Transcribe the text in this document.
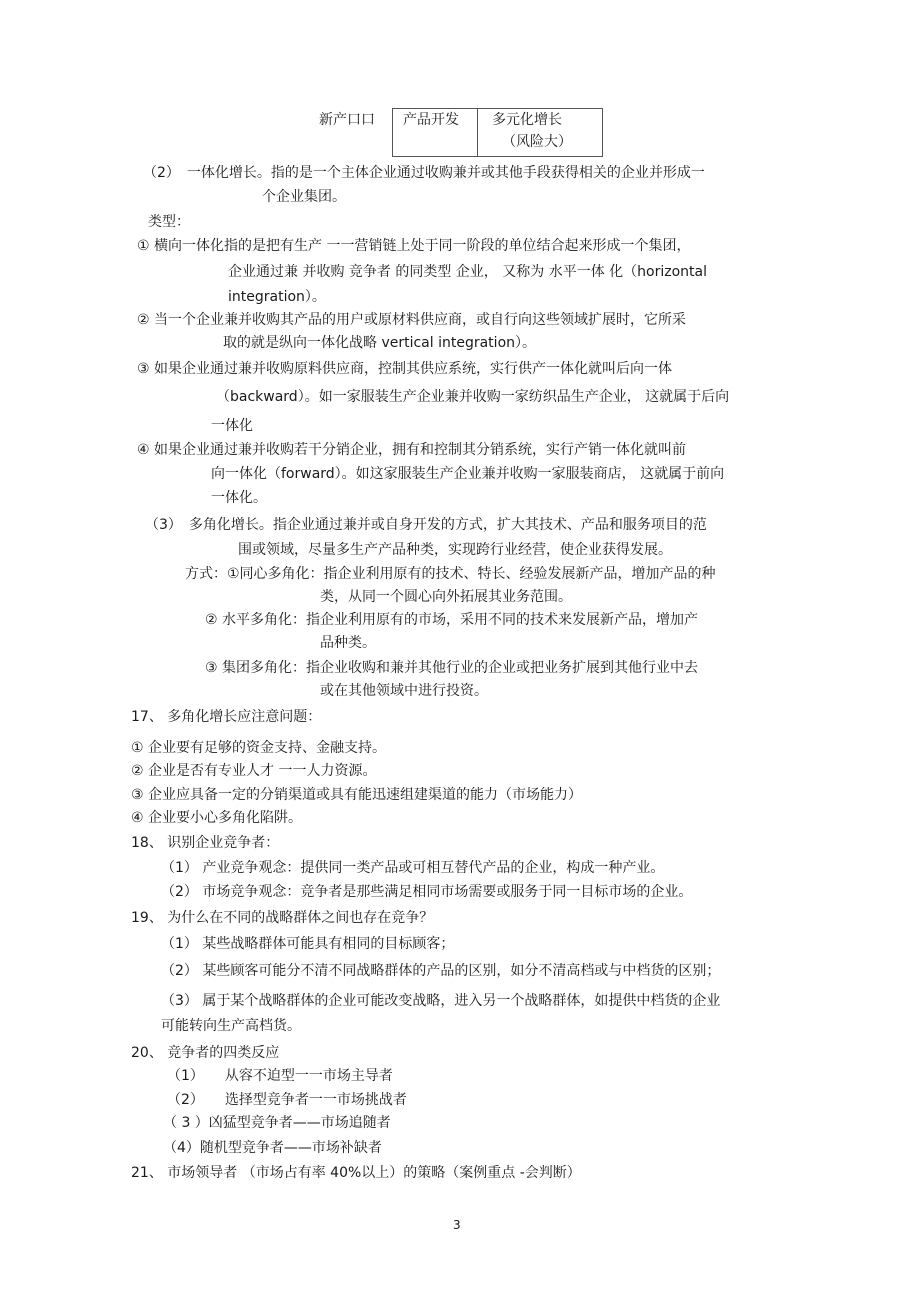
新产口口	产品开发	多元化增长
（风险大）
（2）　一体化增长。指的是一个主体企业通过收购兼并或其他手段获得相关的企业并形成一
个企业集团。
类型：
① 横向一体化指的是把有生产 一一营销链上处于同一阶段的单位结合起来形成一个集团，
企业通过兼 并收购 竞争者 的同类型 企业， 又称为 水平一体 化（horizontal
integration）。
② 当一个企业兼并收购其产品的用户或原材料供应商，或自行向这些领域扩展时，它所采
取的就是纵向一体化战略 vertical integration）。
③ 如果企业通过兼并收购原料供应商，控制其供应系统，实行供产一体化就叫后向一体
（backward）。如一家服装生产企业兼并收购一家纺织品生产企业， 这就属于后向
一体化
④ 如果企业通过兼并收购若干分销企业，拥有和控制其分销系统，实行产销一体化就叫前
向一体化（forward）。如这家服装生产企业兼并收购一家服装商店， 这就属于前向
一体化。
（3）　多角化增长。指企业通过兼并或自身开发的方式，扩大其技术、产品和服务项目的范
围或领域，尽量多生产产品种类，实现跨行业经营，使企业获得发展。
方式：①同心多角化：指企业利用原有的技术、特长、经验发展新产品，增加产品的种
类，从同一个圆心向外拓展其业务范围。
② 水平多角化：指企业利用原有的市场，采用不同的技术来发展新产品，增加产
品种类。
③ 集团多角化：指企业收购和兼并其他行业的企业或把业务扩展到其他行业中去
或在其他领域中进行投资。
17、 多角化增长应注意问题：
① 企业要有足够的资金支持、金融支持。
② 企业是否有专业人才 一一人力资源。
③ 企业应具备一定的分销渠道或具有能迅速组建渠道的能力（市场能力）
④ 企业要小心多角化陷阱。
18、 识别企业竞争者：
（1） 产业竞争观念：提供同一类产品或可相互替代产品的企业，构成一种产业。
（2） 市场竞争观念：竞争者是那些满足相同市场需要或服务于同一目标市场的企业。
19、 为什么在不同的战略群体之间也存在竞争？
（1） 某些战略群体可能具有相同的目标顾客；
（2） 某些顾客可能分不清不同战略群体的产品的区别，如分不清高档或与中档货的区别；
（3） 属于某个战略群体的企业可能改变战略，进入另一个战略群体，如提供中档货的企业
可能转向生产高档货。
20、 竞争者的四类反应
（1）　　从容不迫型一一市场主导者
（2）　　选择型竞争者一一市场挑战者
（ 3 ）凶猛型竞争者——市场追随者
（4）随机型竞争者——市场补缺者
21、 市场领导者 （市场占有率 40%以上）的策略（案例重点 -会判断）
3
